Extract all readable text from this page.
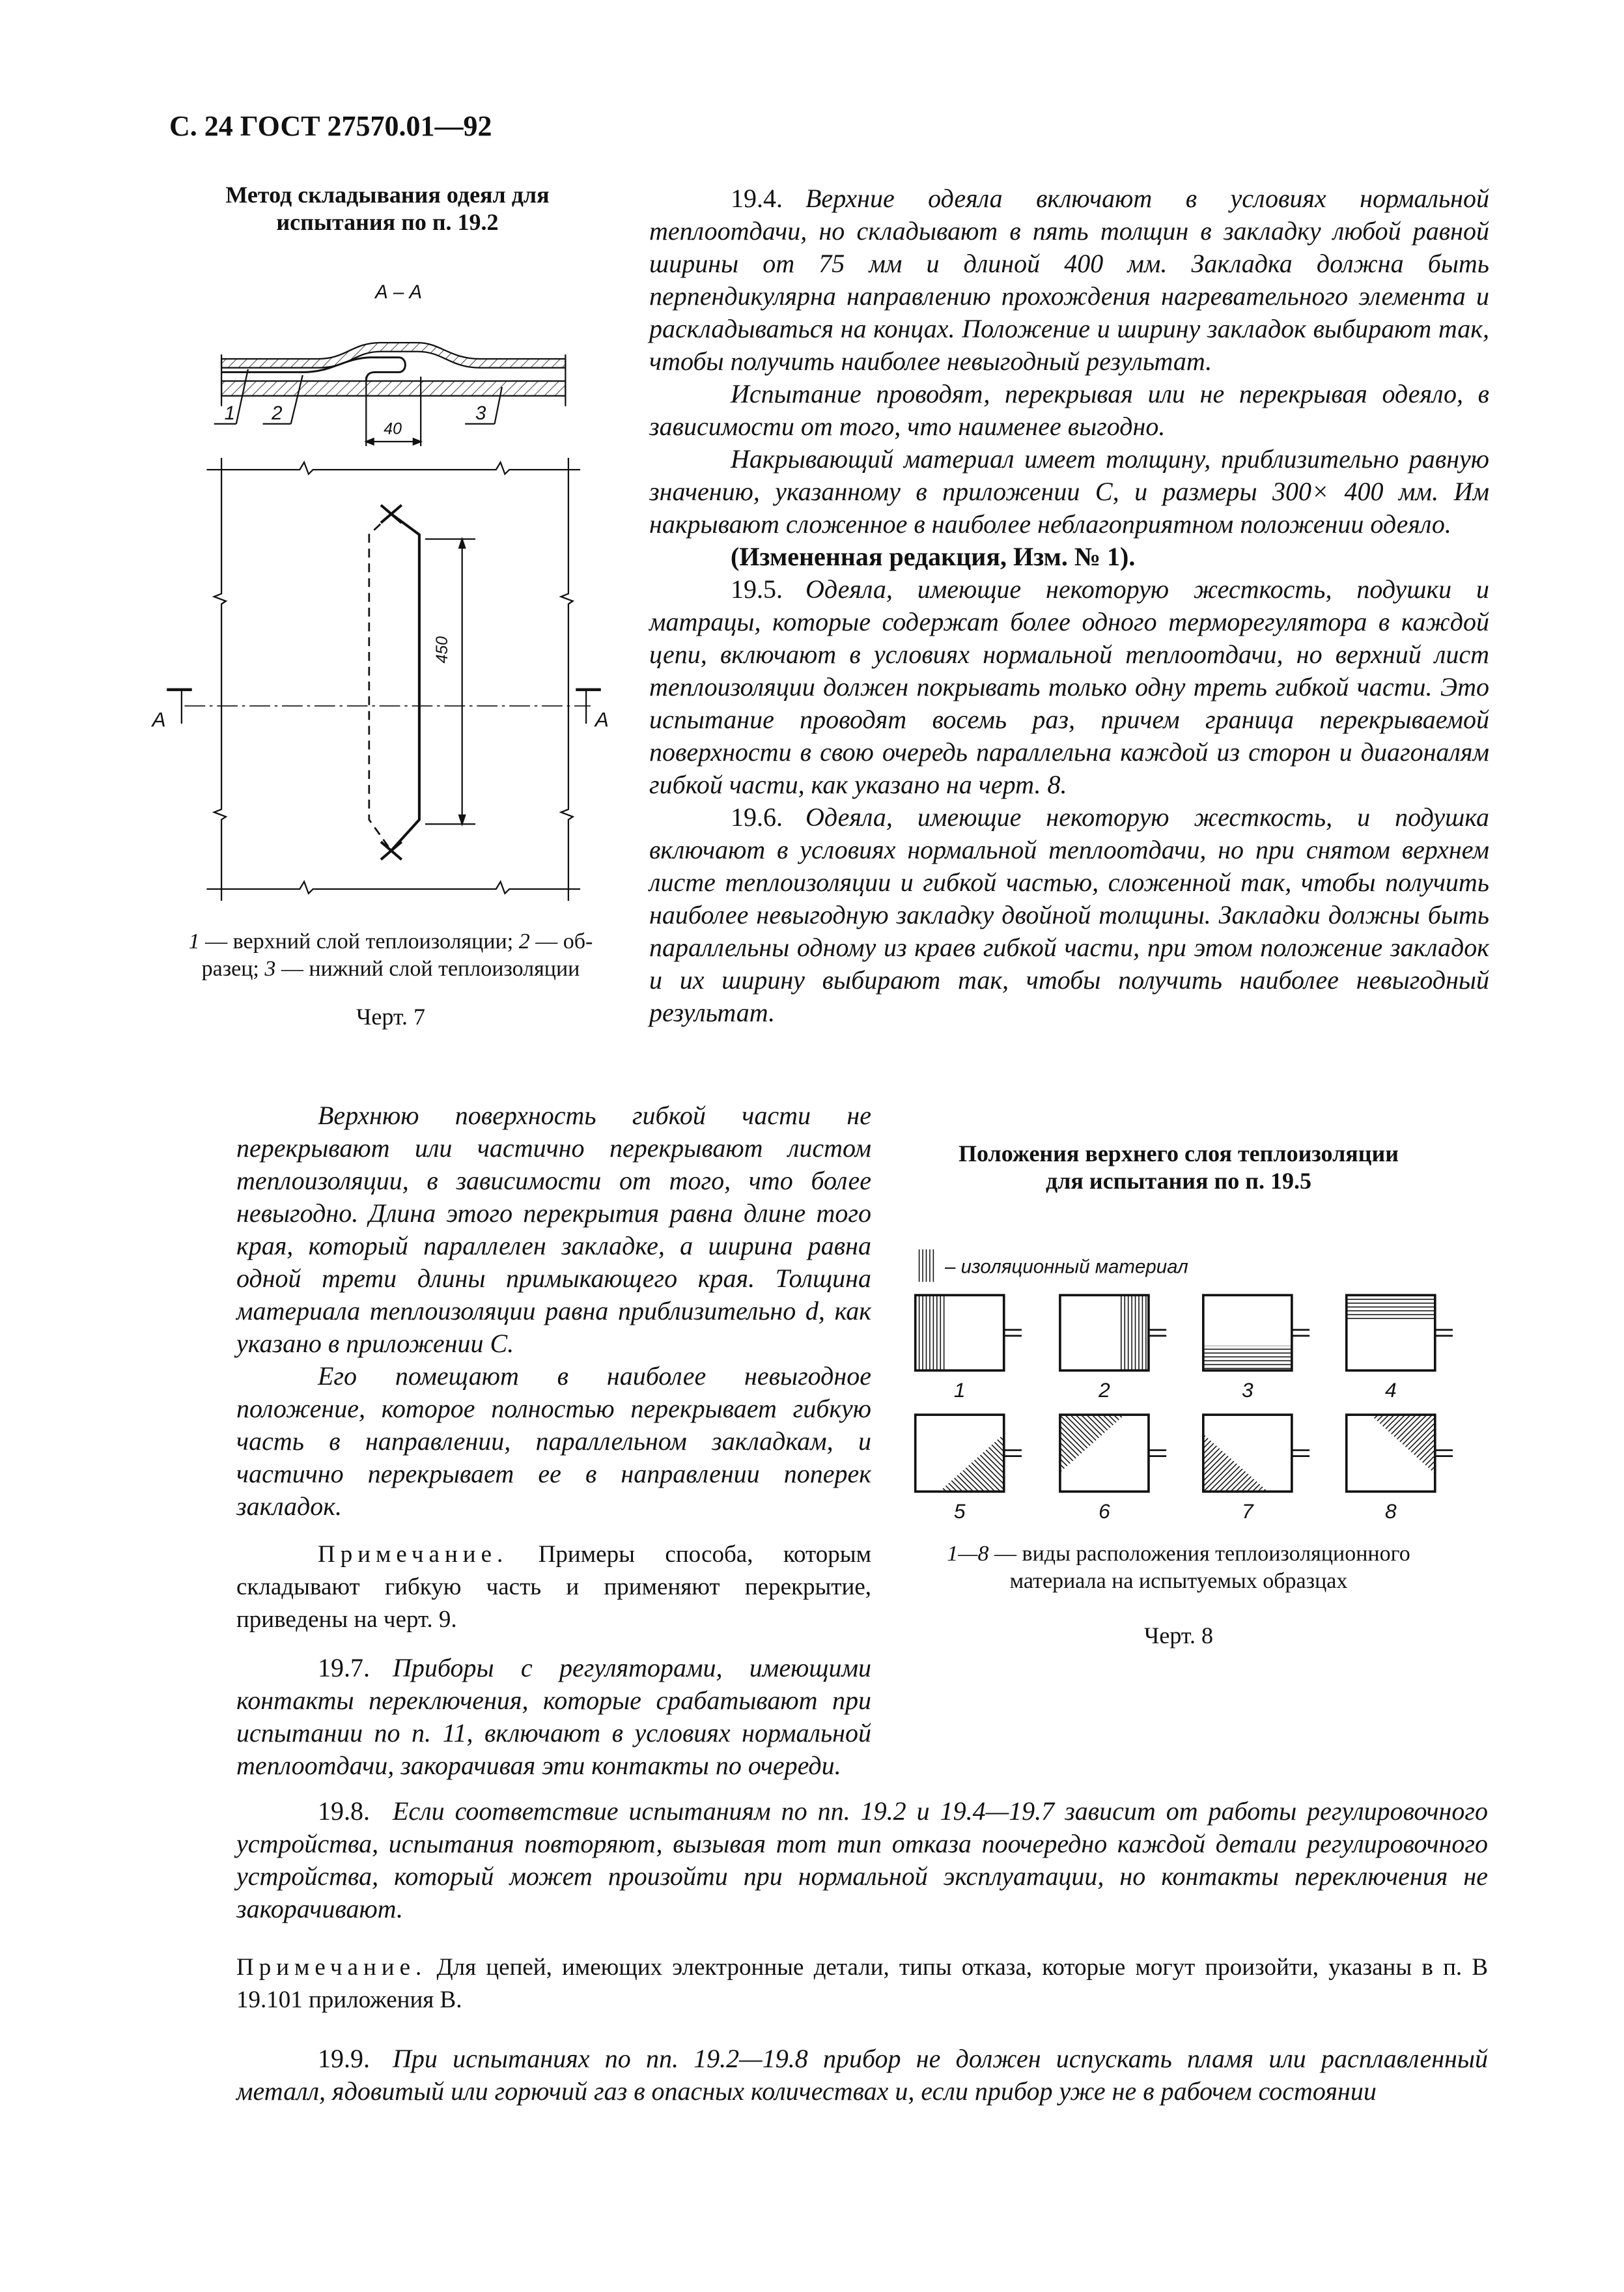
С. 24 ГОСТ 27570.01—92
Метод складывания одеял для
испытания по п. 19.2
1 — верхний слой теплоизоляции; 2 — об-разец; 3 — нижний слой теплоизоляции
Черт. 7

19.4. Верхние одеяла включают в условиях нормальной теплоотдачи, но складывают в пять толщин в закладку любой равной ширины от 75 мм и длиной 400 мм. Закладка должна быть перпендикулярна направлению прохождения нагревательного элемента и раскладываться на концах. Положение и ширину закладок выбирают так, чтобы получить наиболее невыгодный результат.

Испытание проводят, перекрывая или не перекрывая одеяло, в зависимости от того, что наименее выгодно.

Накрывающий материал имеет толщину, приблизительно равную значению, указанному в приложении С, и размеры 300× 400 мм. Им накрывают сложенное в наиболее неблагоприятном положении одеяло.

(Измененная редакция, Изм. № 1).

19.5. Одеяла, имеющие некоторую жесткость, подушки и матрацы, которые содержат более одного терморегулятора в каждой цепи, включают в условиях нормальной теплоотдачи, но верхний лист теплоизоляции должен покрывать только одну треть гибкой части. Это испытание проводят восемь раз, причем граница перекрываемой поверхности в свою очередь параллельна каждой из сторон и диагоналям гибкой части, как указано на черт. 8.

19.6. Одеяла, имеющие некоторую жесткость, и подушка включают в условиях нормальной теплоотдачи, но при снятом верхнем листе теплоизоляции и гибкой частью, сложенной так, чтобы получить наиболее невыгодную закладку двойной толщины. Закладки должны быть параллельны одному из краев гибкой части, при этом положение закладок и их ширину выбирают так, чтобы получить наиболее невыгодный результат.

Верхнюю поверхность гибкой части не перекрывают или частично перекрывают листом теплоизоляции, в зависимости от того, что более невыгодно. Длина этого перекрытия равна длине того края, который параллелен закладке, а ширина равна одной трети длины примыкающего края. Толщина материала теплоизоляции равна приблизительно d, как указано в приложении С.

Его помещают в наиболее невыгодное положение, которое полностью перекрывает гибкую часть в направлении, параллельном закладкам, и частично перекрывает ее в направлении поперек закладок.

Примечание. Примеры способа, которым складывают гибкую часть и применяют перекрытие, приведены на черт. 9.

19.7. Приборы с регуляторами, имеющими контакты переключения, которые срабатывают при испытании по п. 11, включают в условиях нормальной теплоотдачи, закорачивая эти контакты по очереди.

19.8. Если соответствие испытаниям по пп. 19.2 и 19.4—19.7 зависит от работы регулировочного устройства, испытания повторяют, вызывая тот тип отказа поочередно каждой детали регулировочного устройства, который может произойти при нормальной эксплуатации, но контакты переключения не закорачивают.

Примечание. Для цепей, имеющих электронные детали, типы отказа, которые могут произойти, указаны в п. В 19.101 приложения В.

19.9. При испытаниях по пп. 19.2—19.8 прибор не должен испускать пламя или расплавленный металл, ядовитый или горючий газ в опасных количествах и, если прибор уже не в рабочем состоянии

Положения верхнего слоя теплоизоляции
для испытания по п. 19.5
1—8 — виды расположения теплоизоляционного материала на испытуемых образцах
Черт. 8
А – А
1	2	3
40
А	А
450
– изоляционный материал
1	2	3	4
5	6	7	8
